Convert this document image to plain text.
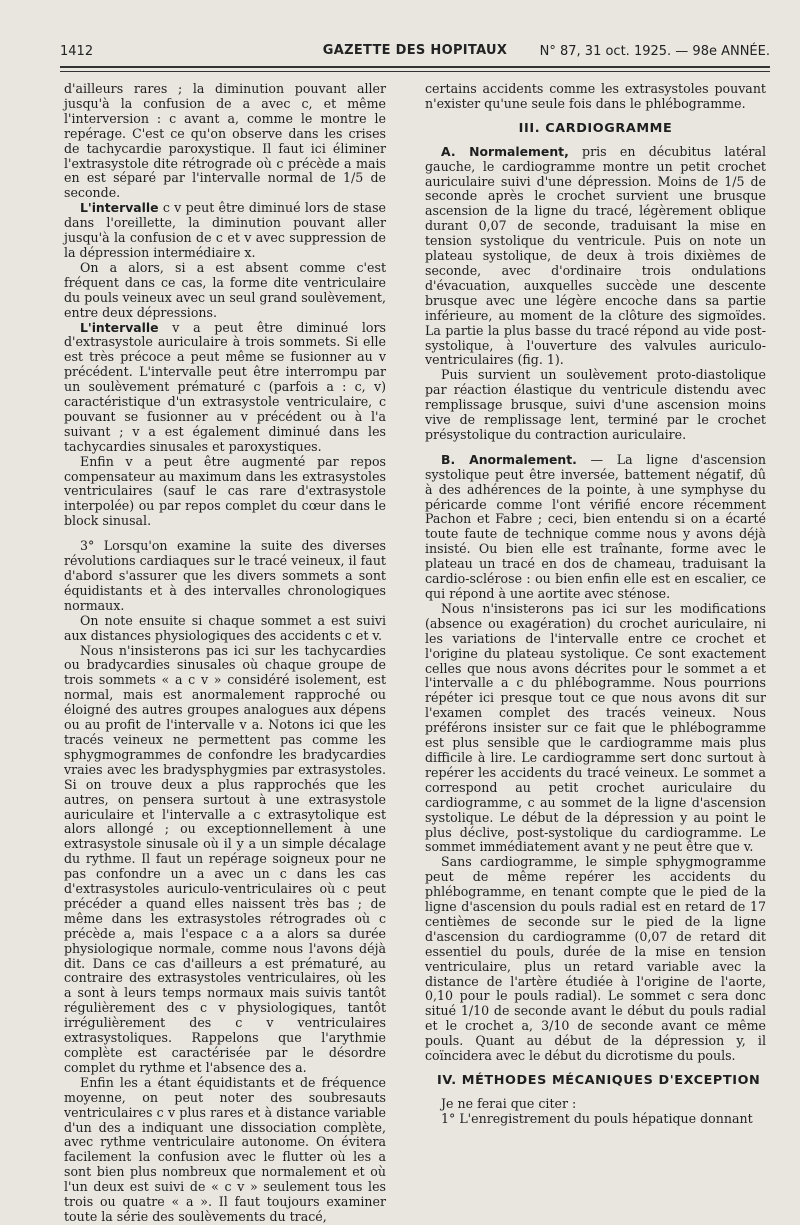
1412	GAZETTE DES HOPITAUX	N° 87, 31 oct. 1925. — 98e ANNÉE.

d'ailleurs rares ; la diminution pouvant aller jusqu'à la confusion de a avec c, et même l'interversion : c avant a, comme le montre le repérage. C'est ce qu'on observe dans les crises de tachycardie paroxystique. Il faut ici éliminer l'extrasystole dite rétrograde où c précède a mais en est séparé par l'intervalle normal de 1/5 de seconde.

L'intervalle c v peut être diminué lors de stase dans l'oreillette, la diminution pouvant aller jusqu'à la confusion de c et v avec suppression de la dépression intermédiaire x.

On a alors, si a est absent comme c'est fréquent dans ce cas, la forme dite ventriculaire du pouls veineux avec un seul grand soulèvement, entre deux dépressions.

L'intervalle v a peut être diminué lors d'extrasystole auriculaire à trois sommets. Si elle est très précoce a peut même se fusionner au v précédent. L'intervalle peut être interrompu par un soulèvement prématuré c (parfois a : c, v) caractéristique d'un extrasystole ventriculaire, c pouvant se fusionner au v précédent ou à l'a suivant ; v a est également diminué dans les tachycardies sinusales et paroxystiques.

Enfin v a peut être augmenté par repos compensateur au maximum dans les extrasystoles ventriculaires (sauf le cas rare d'extrasystole interpolée) ou par repos complet du cœur dans le block sinusal.

3° Lorsqu'on examine la suite des diverses révolutions cardiaques sur le tracé veineux, il faut d'abord s'assurer que les divers sommets a sont équidistants et à des intervalles chronologiques normaux.

On note ensuite si chaque sommet a est suivi aux distances physiologiques des accidents c et v.

Nous n'insisterons pas ici sur les tachycardies ou bradycardies sinusales où chaque groupe de trois sommets « a c v » considéré isolement, est normal, mais est anormalement rapproché ou éloigné des autres groupes analogues aux dépens ou au profit de l'intervalle v a. Notons ici que les tracés veineux ne permettent pas comme les sphygmogrammes de confondre les bradycardies vraies avec les bradysphygmies par extrasystoles. Si on trouve deux a plus rapprochés que les autres, on pensera surtout à une extrasystole auriculaire et l'intervalle a c extrasytolique est alors allongé ; ou exceptionnellement à une extrasystole sinusale où il y a un simple décalage du rythme. Il faut un repérage soigneux pour ne pas confondre un a avec un c dans les cas d'extrasystoles auriculo-ventriculaires où c peut précéder a quand elles naissent très bas ; de même dans les extrasystoles rétrogrades où c précède a, mais l'espace c a a alors sa durée physiologique normale, comme nous l'avons déjà dit. Dans ce cas d'ailleurs a est prématuré, au contraire des extrasystoles ventriculaires, où les a sont à leurs temps normaux mais suivis tantôt régulièrement des c v physiologiques, tantôt irrégulièrement des c v ventriculaires extrasystoliques. Rappelons que l'arythmie complète est caractérisée par le désordre complet du rythme et l'absence des a.

Enfin les a étant équidistants et de fréquence moyenne, on peut noter des soubresauts ventriculaires c v plus rares et à distance variable d'un des a indiquant une dissociation complète, avec rythme ventriculaire autonome. On évitera facilement la confusion avec le flutter où les a sont bien plus nombreux que normalement et où l'un deux est suivi de « c v » seulement tous les trois ou quatre « a ». Il faut toujours examiner toute la série des soulèvements du tracé,

certains accidents comme les extrasystoles pouvant n'exister qu'une seule fois dans le phlébogramme.

III. CARDIOGRAMME

A. Normalement, pris en décubitus latéral gauche, le cardiogramme montre un petit crochet auriculaire suivi d'une dépression. Moins de 1/5 de seconde après le crochet survient une brusque ascension de la ligne du tracé, légèrement oblique durant 0,07 de seconde, traduisant la mise en tension systolique du ventricule. Puis on note un plateau systolique, de deux à trois dixièmes de seconde, avec d'ordinaire trois ondulations d'évacuation, auxquelles succède une descente brusque avec une légère encoche dans sa partie inférieure, au moment de la clôture des sigmoïdes. La partie la plus basse du tracé répond au vide post-systolique, à l'ouverture des valvules auriculo-ventriculaires (fig. 1).

Puis survient un soulèvement proto-diastolique par réaction élastique du ventricule distendu avec remplissage brusque, suivi d'une ascension moins vive de remplissage lent, terminé par le crochet présystolique du contraction auriculaire.

B. Anormalement. — La ligne d'ascension systolique peut être inversée, battement négatif, dû à des adhérences de la pointe, à une symphyse du péricarde comme l'ont vérifié encore récemment Pachon et Fabre ; ceci, bien entendu si on a écarté toute faute de technique comme nous y avons déjà insisté. Ou bien elle est traînante, forme avec le plateau un tracé en dos de chameau, traduisant la cardio-sclérose : ou bien enfin elle est en escalier, ce qui répond à une aortite avec sténose.

Nous n'insisterons pas ici sur les modifications (absence ou exagération) du crochet auriculaire, ni les variations de l'intervalle entre ce crochet et l'origine du plateau systolique. Ce sont exactement celles que nous avons décrites pour le sommet a et l'intervalle a c du phlébogramme. Nous pourrions répéter ici presque tout ce que nous avons dit sur l'examen complet des tracés veineux. Nous préférons insister sur ce fait que le phlébogramme est plus sensible que le cardiogramme mais plus difficile à lire. Le cardiogramme sert donc surtout à repérer les accidents du tracé veineux. Le sommet a correspond au petit crochet auriculaire du cardiogramme, c au sommet de la ligne d'ascension systolique. Le début de la dépression y au point le plus déclive, post-systolique du cardiogramme. Le sommet immédiatement avant y ne peut être que v.

Sans cardiogramme, le simple sphygmogramme peut de même repérer les accidents du phlébogramme, en tenant compte que le pied de la ligne d'ascension du pouls radial est en retard de 17 centièmes de seconde sur le pied de la ligne d'ascension du cardiogramme (0,07 de retard dit essentiel du pouls, durée de la mise en tension ventriculaire, plus un retard variable avec la distance de l'artère étudiée à l'origine de l'aorte, 0,10 pour le pouls radial). Le sommet c sera donc situé 1/10 de seconde avant le début du pouls radial et le crochet a, 3/10 de seconde avant ce même pouls. Quant au début de la dépression y, il coïncidera avec le début du dicrotisme du pouls.

IV. MÉTHODES MÉCANIQUES D'EXCEPTION

Je ne ferai que citer :

1° L'enregistrement du pouls hépatique donnant
